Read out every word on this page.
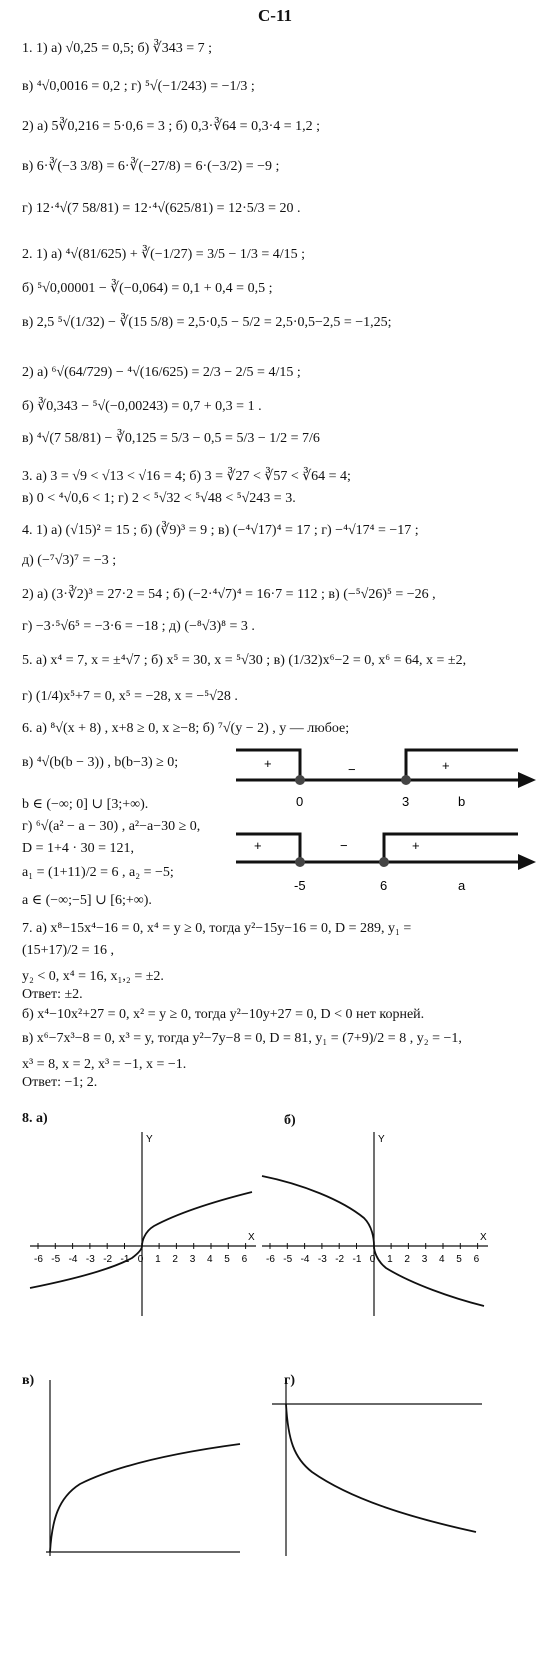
С-11
1. 1) а) √0,25 = 0,5; б) ∛343 = 7 ;
в) ⁴√0,0016 = 0,2 ; г) ⁵√(−1/243) = −1/3 ;
2) а) 5∛0,216 = 5·0,6 = 3 ; б) 0,3·∛64 = 0,3·4 = 1,2 ;
в) 6·∛(−3 3/8) = 6·∛(−27/8) = 6·(−3/2) = −9 ;
г) 12·⁴√(7 58/81) = 12·⁴√(625/81) = 12·5/3 = 20 .
2. 1) а) ⁴√(81/625) + ∛(−1/27) = 3/5 − 1/3 = 4/15 ;
б) ⁵√0,00001 − ∛(−0,064) = 0,1 + 0,4 = 0,5 ;
в) 2,5 ⁵√(1/32) − ∛(15 5/8) = 2,5·0,5 − 5/2 = 2,5·0,5−2,5 = −1,25;
2) а) ⁶√(64/729) − ⁴√(16/625) = 2/3 − 2/5 = 4/15 ;
б) ∛0,343 − ⁵√(−0,00243) = 0,7 + 0,3 = 1 .
в) ⁴√(7 58/81) − ∛0,125 = 5/3 − 0,5 = 5/3 − 1/2 = 7/6
3. а) 3 = √9 < √13 < √16 = 4; б) 3 = ∛27 < ∛57 < ∛64 = 4;
в) 0 < ⁴√0,6 < 1; г) 2 < ⁵√32 < ⁵√48 < ⁵√243 = 3.
4. 1) а) (√15)² = 15 ; б) (∛9)³ = 9 ; в) (−⁴√17)⁴ = 17 ; г) −⁴√17⁴ = −17 ;
д) (−⁷√3)⁷ = −3 ;
2) а) (3·∛2)³ = 27·2 = 54 ; б) (−2·⁴√7)⁴ = 16·7 = 112 ; в) (−⁵√26)⁵ = −26 ,
г) −3·⁵√6⁵ = −3·6 = −18 ; д) (−⁸√3)⁸ = 3 .
5. а) x⁴ = 7, x = ±⁴√7 ; б) x⁵ = 30, x = ⁵√30 ; в) (1/32)x⁶−2 = 0, x⁶ = 64, x = ±2,
г) (1/4)x⁵+7 = 0, x⁵ = −28, x = −⁵√28 .
6. а) ⁸√(x + 8) , x+8 ≥ 0, x ≥−8; б) ⁷√(y − 2) , y — любое;
в) ⁴√(b(b − 3)) , b(b−3) ≥ 0;
b ∈ (−∞; 0] ∪ [3;+∞).
г) ⁶√(a² − a − 30) , a²−a−30 ≥ 0,
D = 1+4 · 30 = 121,
a₁ = (1+11)/2 = 6 , a₂ = −5;
a ∈ (−∞;−5] ∪ [6;+∞).
7. а) x⁸−15x⁴−16 = 0, x⁴ = y ≥ 0, тогда y²−15y−16 = 0, D = 289, y₁ =
(15+17)/2 = 16 ,
y₂ < 0, x⁴ = 16, x₁,₂ = ±2.
Ответ: ±2.
б) x⁴−10x²+27 = 0, x² = y ≥ 0, тогда y²−10y+27 = 0, D < 0 нет корней.
в) x⁶−7x³−8 = 0, x³ = y, тогда y²−7y−8 = 0, D = 81, y₁ = (7+9)/2 = 8 , y₂ = −1,
x³ = 8, x = 2, x³ = −1, x = −1.
Ответ: −1; 2.
+	−	+
0	3	b
+	−	+
-5	6	a
8. а)	б)
в)	г)
Y
X
-6 -5 -4 -3 -2 -1 0 1 2 3 4 5 6
Y
X
-6 -5 -4 -3 -2 -1 0 1 2 3 4 5 6
